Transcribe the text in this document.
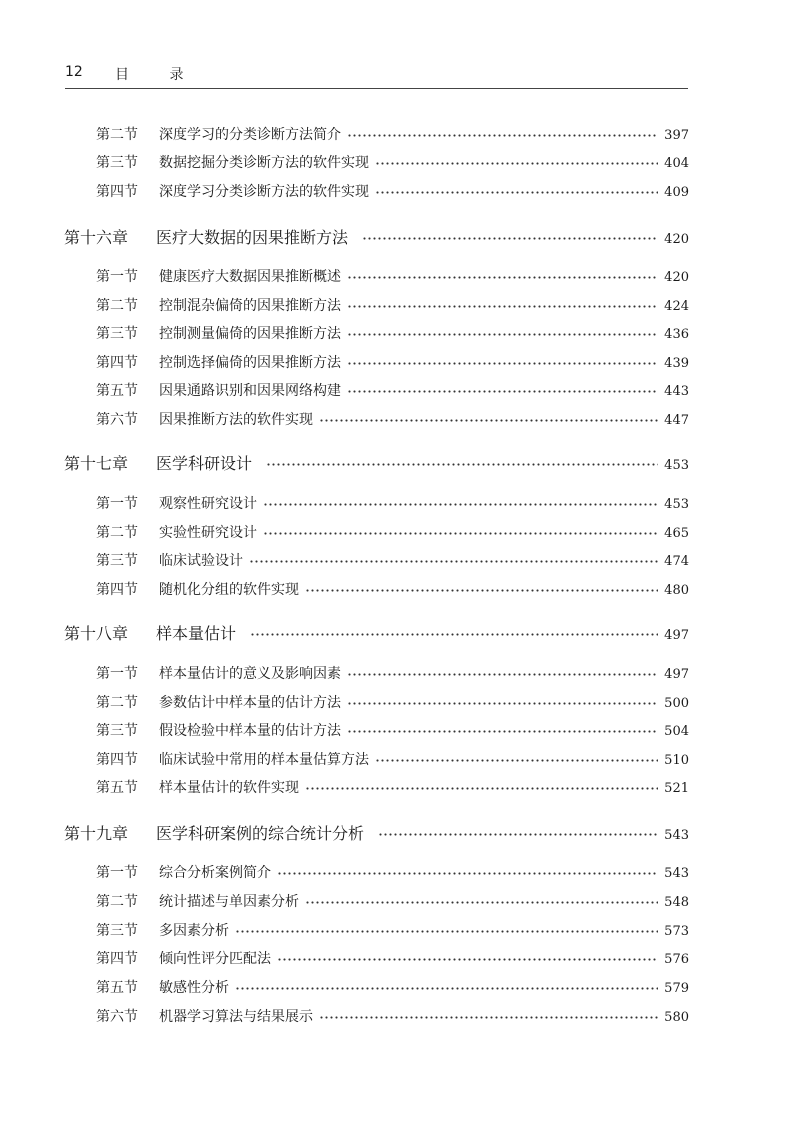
12 目 录
第二节	深度学习的分类诊断方法简介	397
第三节	数据挖掘分类诊断方法的软件实现	404
第四节	深度学习分类诊断方法的软件实现	409
第十六章	医疗大数据的因果推断方法	420
第一节	健康医疗大数据因果推断概述	420
第二节	控制混杂偏倚的因果推断方法	424
第三节	控制测量偏倚的因果推断方法	436
第四节	控制选择偏倚的因果推断方法	439
第五节	因果通路识别和因果网络构建	443
第六节	因果推断方法的软件实现	447
第十七章	医学科研设计	453
第一节	观察性研究设计	453
第二节	实验性研究设计	465
第三节	临床试验设计	474
第四节	随机化分组的软件实现	480
第十八章	样本量估计	497
第一节	样本量估计的意义及影响因素	497
第二节	参数估计中样本量的估计方法	500
第三节	假设检验中样本量的估计方法	504
第四节	临床试验中常用的样本量估算方法	510
第五节	样本量估计的软件实现	521
第十九章	医学科研案例的综合统计分析	543
第一节	综合分析案例简介	543
第二节	统计描述与单因素分析	548
第三节	多因素分析	573
第四节	倾向性评分匹配法	576
第五节	敏感性分析	579
第六节	机器学习算法与结果展示	580
